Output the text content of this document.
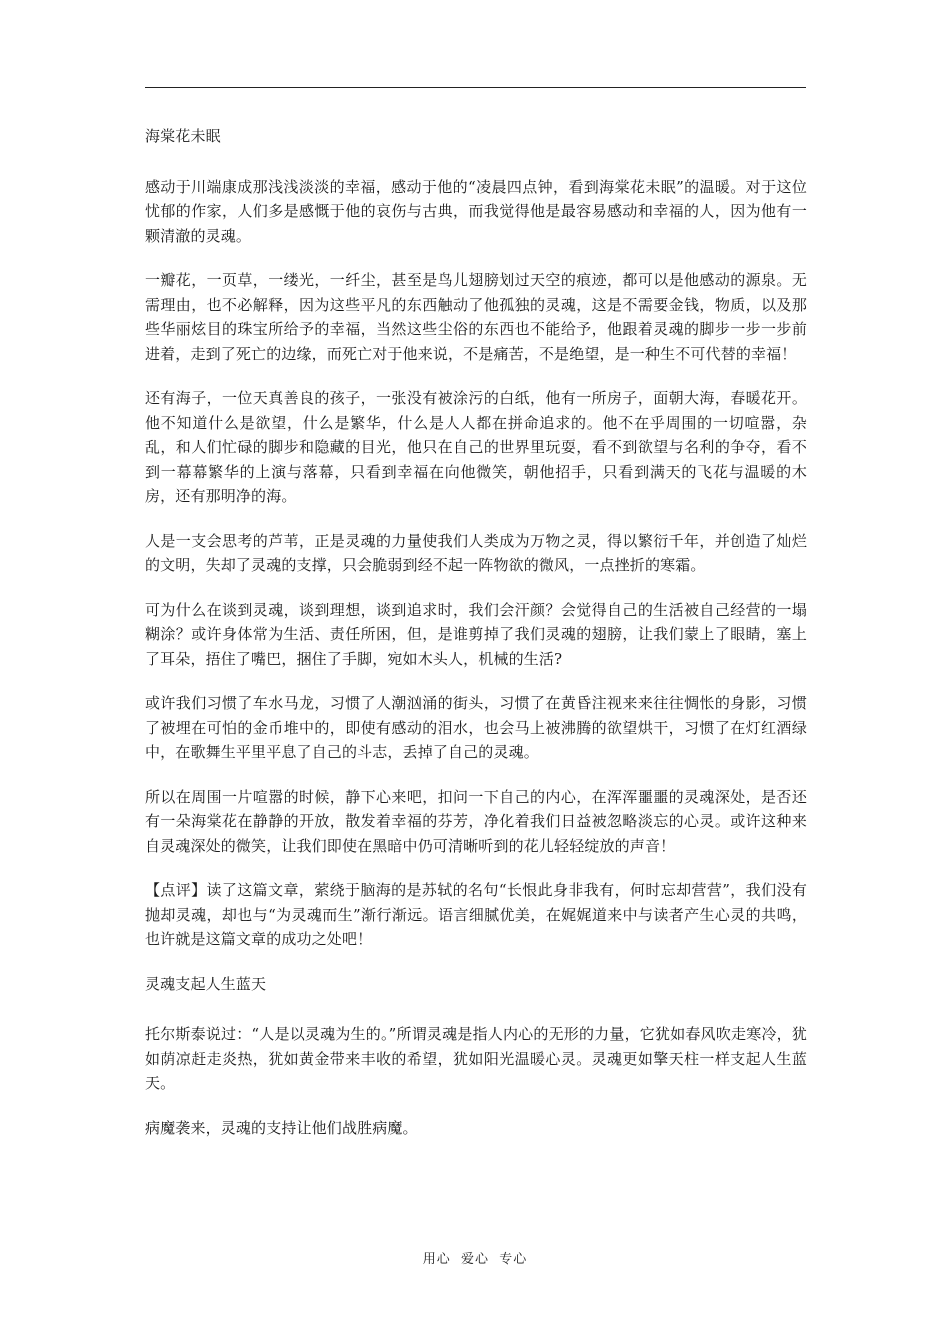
海棠花未眠

感动于川端康成那浅浅淡淡的幸福，感动于他的“凌晨四点钟，看到海棠花未眠”的温暖。对于这位忧郁的作家，人们多是感慨于他的哀伤与古典，而我觉得他是最容易感动和幸福的人，因为他有一颗清澈的灵魂。

一瓣花，一页草，一缕光，一纤尘，甚至是鸟儿翅膀划过天空的痕迹，都可以是他感动的源泉。无需理由，也不必解释，因为这些平凡的东西触动了他孤独的灵魂，这是不需要金钱，物质，以及那些华丽炫目的珠宝所给予的幸福，当然这些尘俗的东西也不能给予，他跟着灵魂的脚步一步一步前进着，走到了死亡的边缘，而死亡对于他来说，不是痛苦，不是绝望，是一种生不可代替的幸福！

还有海子，一位天真善良的孩子，一张没有被涂污的白纸，他有一所房子，面朝大海，春暖花开。他不知道什么是欲望，什么是繁华，什么是人人都在拼命追求的。他不在乎周围的一切喧嚣，杂乱，和人们忙碌的脚步和隐藏的目光，他只在自己的世界里玩耍，看不到欲望与名利的争夺，看不到一幕幕繁华的上演与落幕，只看到幸福在向他微笑，朝他招手，只看到满天的飞花与温暖的木房，还有那明净的海。

人是一支会思考的芦苇，正是灵魂的力量使我们人类成为万物之灵，得以繁衍千年，并创造了灿烂的文明，失却了灵魂的支撑，只会脆弱到经不起一阵物欲的微风，一点挫折的寒霜。

可为什么在谈到灵魂，谈到理想，谈到追求时，我们会汗颜？会觉得自己的生活被自己经营的一塌糊涂？或许身体常为生活、责任所困，但，是谁剪掉了我们灵魂的翅膀，让我们蒙上了眼睛，塞上了耳朵，捂住了嘴巴，捆住了手脚，宛如木头人，机械的生活?

或许我们习惯了车水马龙，习惯了人潮汹涌的街头，习惯了在黄昏注视来来往往惆怅的身影，习惯了被埋在可怕的金币堆中的，即使有感动的泪水，也会马上被沸腾的欲望烘干，习惯了在灯红酒绿中，在歌舞生平里平息了自己的斗志，丢掉了自己的灵魂。

所以在周围一片喧嚣的时候，静下心来吧，扣问一下自己的内心，在浑浑噩噩的灵魂深处，是否还有一朵海棠花在静静的开放，散发着幸福的芬芳，净化着我们日益被忽略淡忘的心灵。或许这种来自灵魂深处的微笑，让我们即使在黑暗中仍可清晰听到的花儿轻轻绽放的声音！

【点评】读了这篇文章，萦绕于脑海的是苏轼的名句“长恨此身非我有，何时忘却营营”，我们没有抛却灵魂，却也与“为灵魂而生”渐行渐远。语言细腻优美，在娓娓道来中与读者产生心灵的共鸣，也许就是这篇文章的成功之处吧！

灵魂支起人生蓝天

托尔斯泰说过：“人是以灵魂为生的。”所谓灵魂是指人内心的无形的力量，它犹如春风吹走寒冷，犹如荫凉赶走炎热，犹如黄金带来丰收的希望，犹如阳光温暖心灵。灵魂更如擎天柱一样支起人生蓝天。

病魔袭来，灵魂的支持让他们战胜病魔。

用心  爱心  专心
